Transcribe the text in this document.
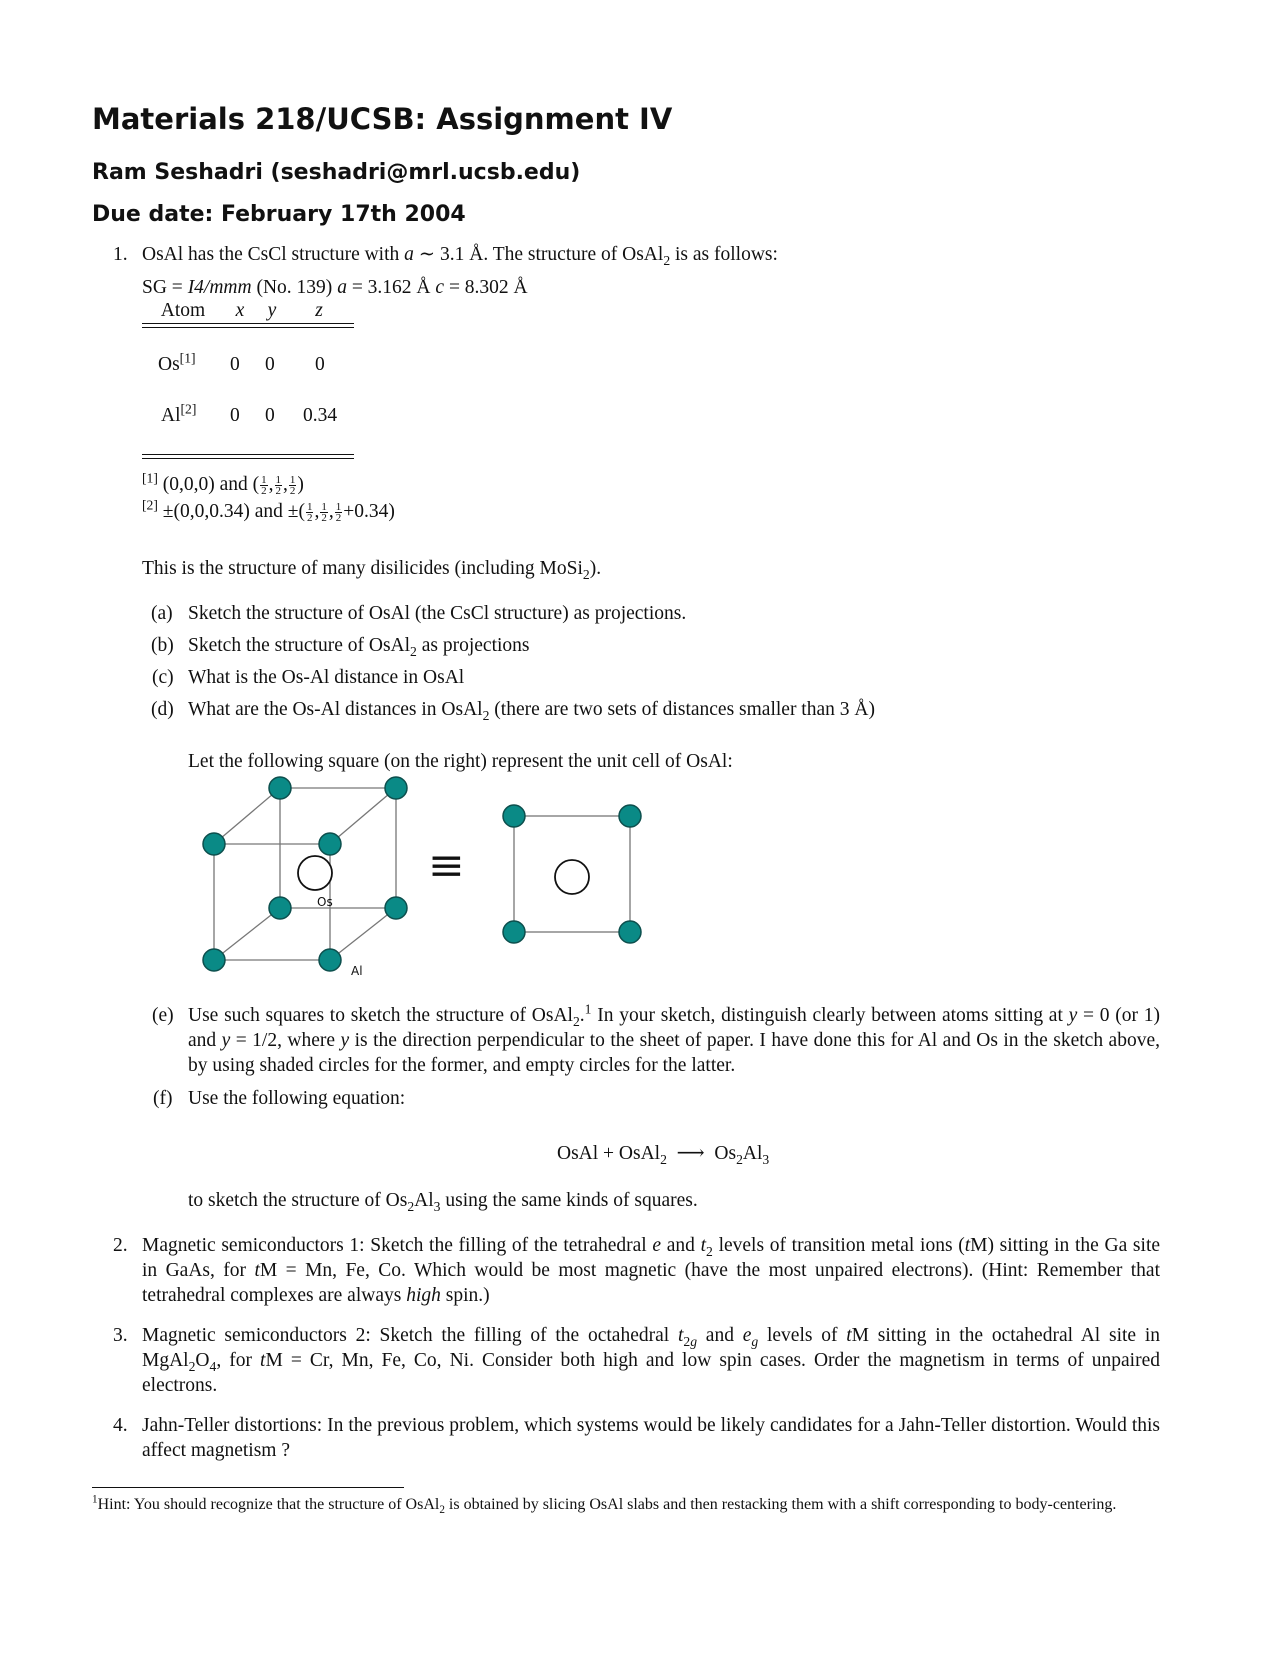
Materials 218/UCSB: Assignment IV
Ram Seshadri (seshadri@mrl.ucsb.edu)
Due date: February 17th 2004
1. OsAl has the CsCl structure with a ∼ 3.1 Å. The structure of OsAl$_2$ is as follows:
SG = I4/mmm (No. 139) a = 3.162 Å c = 8.302 Å
Atom	x	y	z
Os[1] 0 0 0
Al[2] 0 0 0.34
[1] (0,0,0) and ( $\frac{1}{2}$ , $\frac{1}{2}$ , $\frac{1}{2}$ )
[2] ±(0,0,0.34) and ±( $\frac{1}{2}$ , $\frac{1}{2}$ , $\frac{1}{2} +0.34$)
This is the structure of many disilicides (including MoSi$_2$).
(a) Sketch the structure of OsAl (the CsCl structure) as projections.
(b) Sketch the structure of OsAl$_2$ as projections
(c) What is the Os-Al distance in OsAl
(d) What are the Os-Al distances in OsAl$_2$ (there are two sets of distances smaller than 3 Å)
Let the following square (on the right) represent the unit cell of OsAl:
Os
Al
≡
(e) Use such squares to sketch the structure of OsAl$_2$.$^1$ In your sketch, distinguish clearly between atoms sitting at y = 0 (or 1) and y = 1/2, where y is the direction perpendicular to the sheet of paper. I have done this for Al and Os in the sketch above, by using shaded circles for the former, and empty circles for the latter.
(f) Use the following equation:
OsAl + OsAl$_2$ ⟶ $Os_2Al_3$
to sketch the structure of $Os_2Al_3$ using the same kinds of squares.
2. Magnetic semiconductors 1: Sketch the filling of the tetrahedral e and $t_2$ levels of transition metal ions (tM) sitting in the Ga site in GaAs, for tM = Mn, Fe, Co. Which would be most magnetic (have the most unpaired electrons). (Hint: Remember that tetrahedral complexes are always high spin.)
3. Magnetic semiconductors 2: Sketch the filling of the octahedral $t_{2g}$ and $e_g$ levels of tM sitting in the octahedral Al site in $MgAl_2O_4$, for tM = Cr, Mn, Fe, Co, Ni. Consider both high and low spin cases. Order the magnetism in terms of unpaired electrons.
4. Jahn-Teller distortions: In the previous problem, which systems would be likely candidates for a Jahn-Teller distortion. Would this affect magnetism ?
$^1$Hint: You should recognize that the structure of OsAl$_2$ is obtained by slicing OsAl slabs and then restacking them with a shift corresponding to body-centering.
